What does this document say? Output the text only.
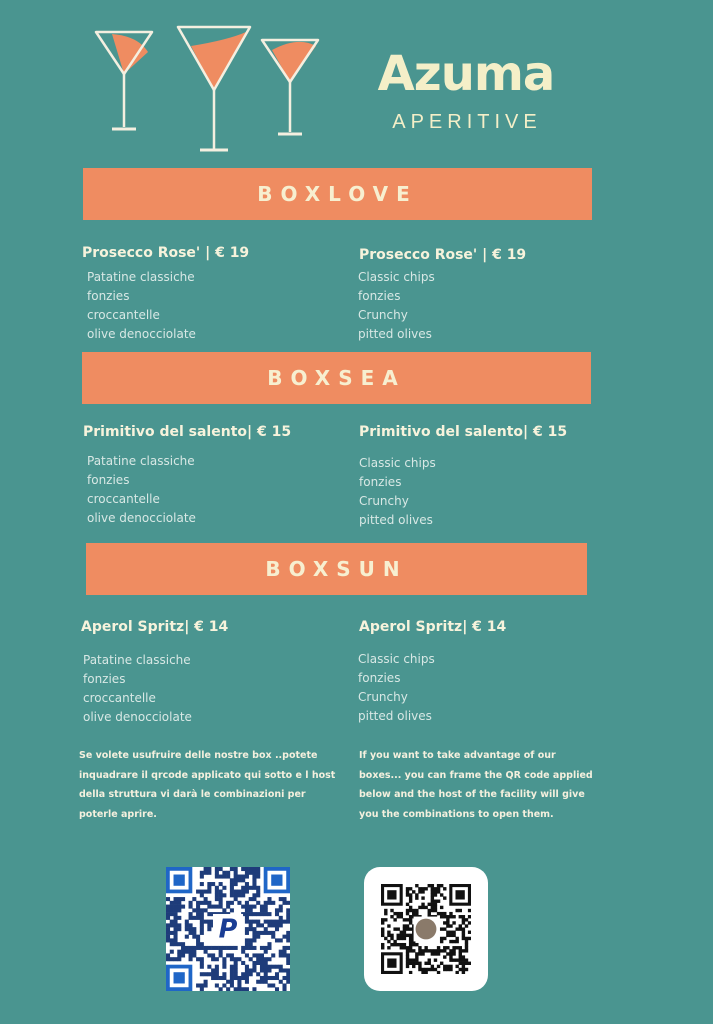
Azuma
APERITIVE
BOXLOVE
Prosecco Rose' | € 19
Patatine classiche
fonzies
croccantelle
olive denocciolate
Prosecco Rose' | € 19
Classic chips
fonzies
Crunchy
pitted olives
BOXSEA
Primitivo del salento| € 15
Patatine classiche
fonzies
croccantelle
olive denocciolate
Primitivo del salento| € 15
Classic chips
fonzies
Crunchy
pitted olives
BOXSUN
Aperol Spritz| € 14
Patatine classiche
fonzies
croccantelle
olive denocciolate
Aperol Spritz| € 14
Classic chips
fonzies
Crunchy
pitted olives
Se volete usufruire delle nostre box ..potete inquadrare il qrcode applicato qui sotto e l host della struttura vi darà le combinazioni per poterle aprire.
If you want to take advantage of our boxes... you can frame the QR code applied below and the host of the facility will give you the combinations to open them.
P
